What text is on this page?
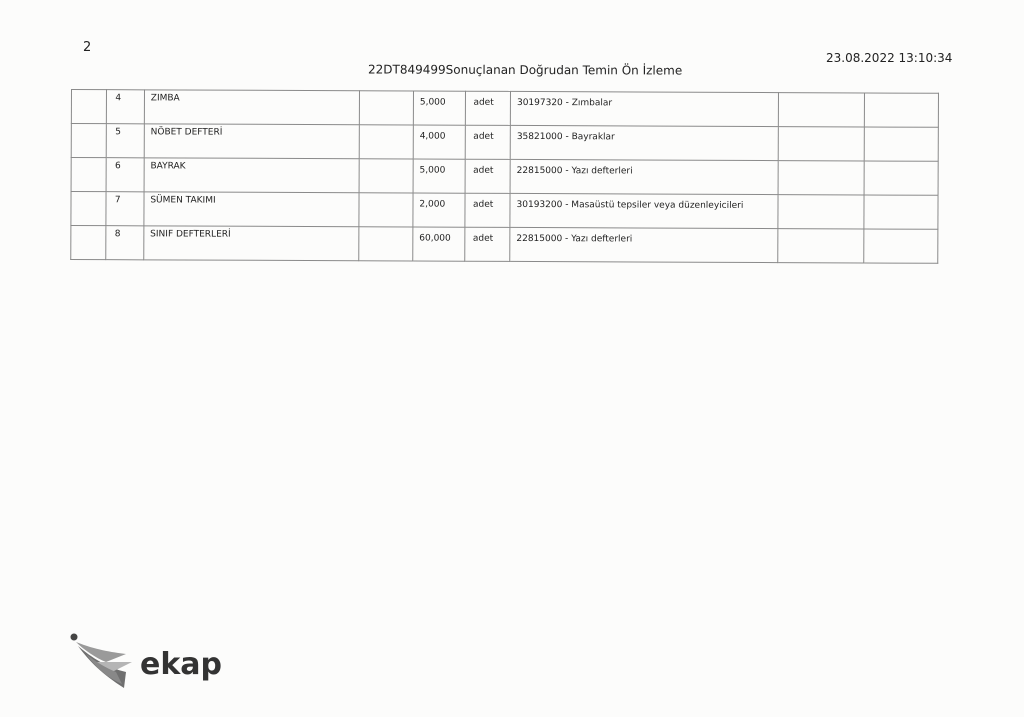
2
22DT849499Sonuçlanan Doğrudan Temin Ön İzleme
23.08.2022 13:10:34
	4	ZIMBA		5,000	adet	30197320 - Zımbalar		
	5	NÖBET DEFTERİ		4,000	adet	35821000 - Bayraklar		
	6	BAYRAK		5,000	adet	22815000 - Yazı defterleri		
	7	SÜMEN TAKIMI		2,000	adet	30193200 - Masaüstü tepsiler veya düzenleyicileri		
	8	SINIF DEFTERLERİ		60,000	adet	22815000 - Yazı defterleri		
ekap
